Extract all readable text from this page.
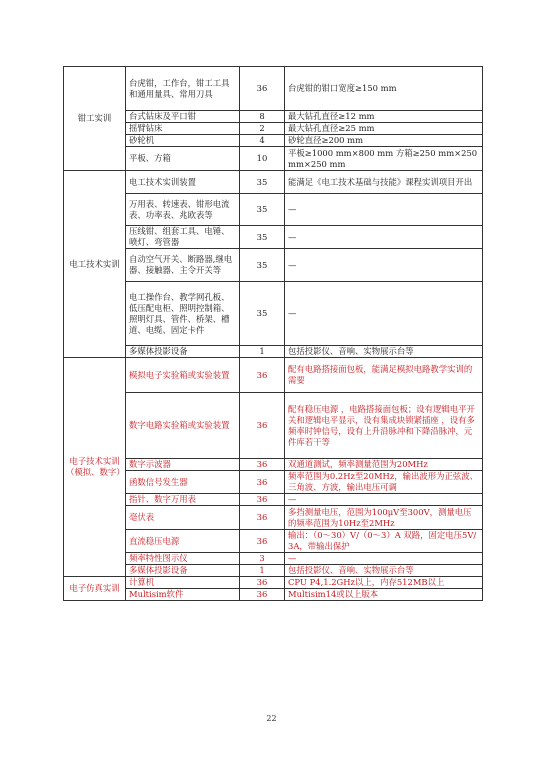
钳工实训	台虎钳，工作台，钳工工具和通用量具、常用刀具	36	台虎钳的钳口宽度≥150 mm
	台式钻床及平口钳	8	最大钻孔直径≥12 mm
	摇臂钻床	2	最大钻孔直径≥25 mm
	砂轮机	4	砂轮直径≥200 mm
	平板、方箱	10	平板≥1000 mm×800 mm 方箱≥250 mm×250mm×250 mm
电工技术实训	电工技术实训装置	35	能满足《电工技术基础与技能》课程实训项目开出
	万用表、转速表、钳形电流表、功率表、兆欧表等	35	—
	压线钳、组套工具、电锤、喷灯、弯管器	35	—
	自动空气开关、断路器,继电器、接触器、主令开关等	35	—
	电工操作台、教学网孔板、低压配电柜、照明控制箱、照明灯具、管件、桥架、槽道、电缆、固定卡件	35	—
	多媒体投影设备	1	包括投影仪、音响、实物展示台等
电子技术实训 （模拟、数字）	模拟电子实验箱或实验装置	36	配有电路搭接面包板，能满足模拟电路教学实训的需要
	数字电路实验箱或实验装置	36	配有稳压电源 ，电路搭接面包板；设有逻辑电平开关和逻辑电平显示，设有集成块锁紧插座 ，设有多频率时钟信号，设有上升沿脉冲和下降沿脉冲，元件库若干等
	数字示波器	36	双通道测试，频率测量范围为20MHz
	函数信号发生器	36	频率范围为0.2Hz至20MHz，输出波形为正弦波、三角波、方波，输出电压可调
	指针、数字万用表	36	—
	毫伏表	36	多挡测量电压，范围为100μV至300V，测量电压的频率范围为10Hz至2MHz
	直流稳压电源	36	输出：（0～30）V/（0～3）A 双路，固定电压5V/3A，带输出保护
	频率特性图示仪	3	—
	多媒体投影设备	1	包括投影仪、音响、实物展示台等
电子仿真实训	计算机	36	CPU P4,1.2GHz以上，内存512MB以上
	Multisim软件	36	Multisim14或以上版本
22
